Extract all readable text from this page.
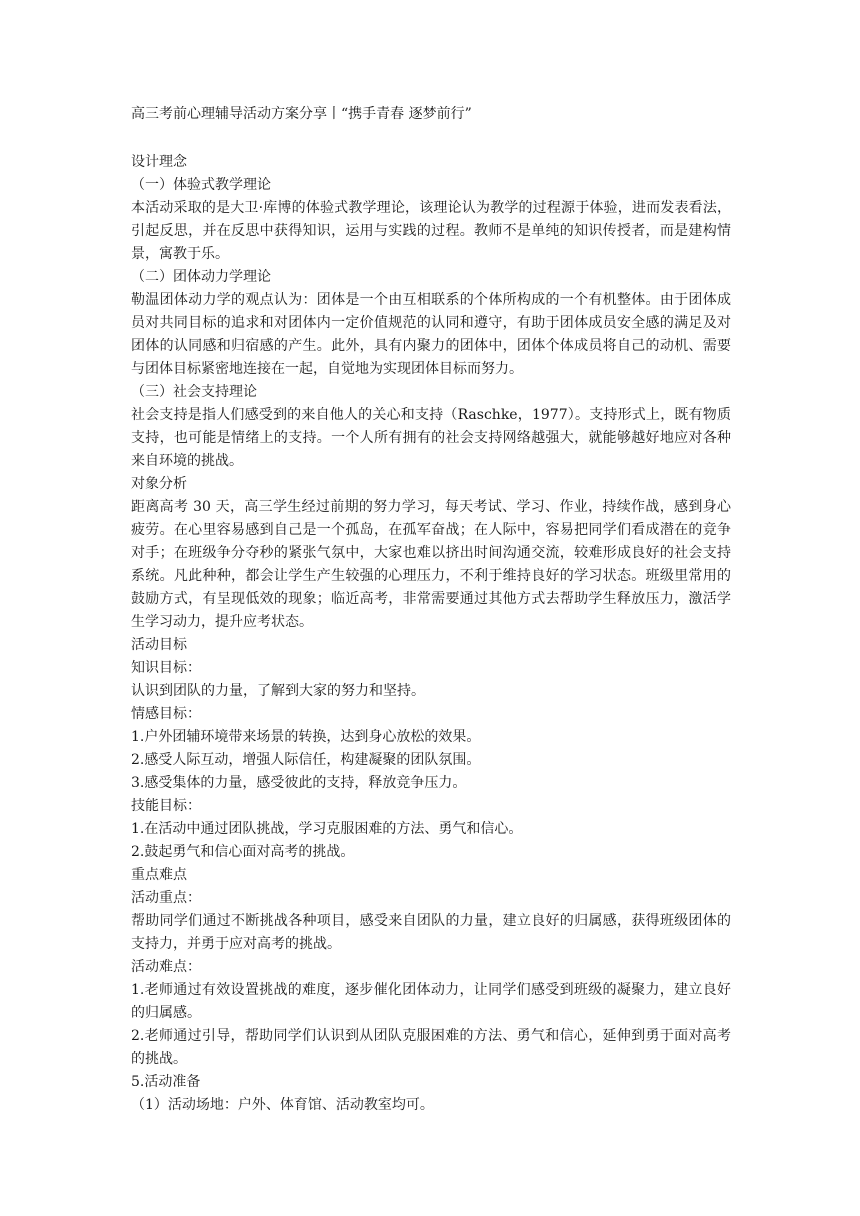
高三考前心理辅导活动方案分享丨“携手青春 逐梦前行”

设计理念

（一）体验式教学理论

本活动采取的是大卫·库博的体验式教学理论，该理论认为教学的过程源于体验，进而发表看法，引起反思，并在反思中获得知识，运用与实践的过程。教师不是单纯的知识传授者，而是建构情景，寓教于乐。

（二）团体动力学理论

勒温团体动力学的观点认为：团体是一个由互相联系的个体所构成的一个有机整体。由于团体成员对共同目标的追求和对团体内一定价值规范的认同和遵守，有助于团体成员安全感的满足及对团体的认同感和归宿感的产生。此外，具有内聚力的团体中，团体个体成员将自己的动机、需要与团体目标紧密地连接在一起，自觉地为实现团体目标而努力。

（三）社会支持理论

社会支持是指人们感受到的来自他人的关心和支持（Raschke，1977）。支持形式上，既有物质支持，也可能是情绪上的支持。一个人所有拥有的社会支持网络越强大，就能够越好地应对各种来自环境的挑战。

对象分析

距离高考 30 天，高三学生经过前期的努力学习，每天考试、学习、作业，持续作战，感到身心疲劳。在心里容易感到自己是一个孤岛，在孤军奋战；在人际中，容易把同学们看成潜在的竞争对手；在班级争分夺秒的紧张气氛中，大家也难以挤出时间沟通交流，较难形成良好的社会支持系统。凡此种种，都会让学生产生较强的心理压力，不利于维持良好的学习状态。班级里常用的鼓励方式，有呈现低效的现象；临近高考，非常需要通过其他方式去帮助学生释放压力，激活学生学习动力，提升应考状态。

活动目标

知识目标：

认识到团队的力量，了解到大家的努力和坚持。

情感目标：

1.户外团辅环境带来场景的转换，达到身心放松的效果。

2.感受人际互动，增强人际信任，构建凝聚的团队氛围。

3.感受集体的力量，感受彼此的支持，释放竞争压力。

技能目标：

1.在活动中通过团队挑战，学习克服困难的方法、勇气和信心。

2.鼓起勇气和信心面对高考的挑战。

重点难点

活动重点：

帮助同学们通过不断挑战各种项目，感受来自团队的力量，建立良好的归属感，获得班级团体的支持力，并勇于应对高考的挑战。

活动难点：

1.老师通过有效设置挑战的难度，逐步催化团体动力，让同学们感受到班级的凝聚力，建立良好的归属感。

2.老师通过引导，帮助同学们认识到从团队克服困难的方法、勇气和信心，延伸到勇于面对高考的挑战。

5.活动准备

（1）活动场地：户外、体育馆、活动教室均可。
